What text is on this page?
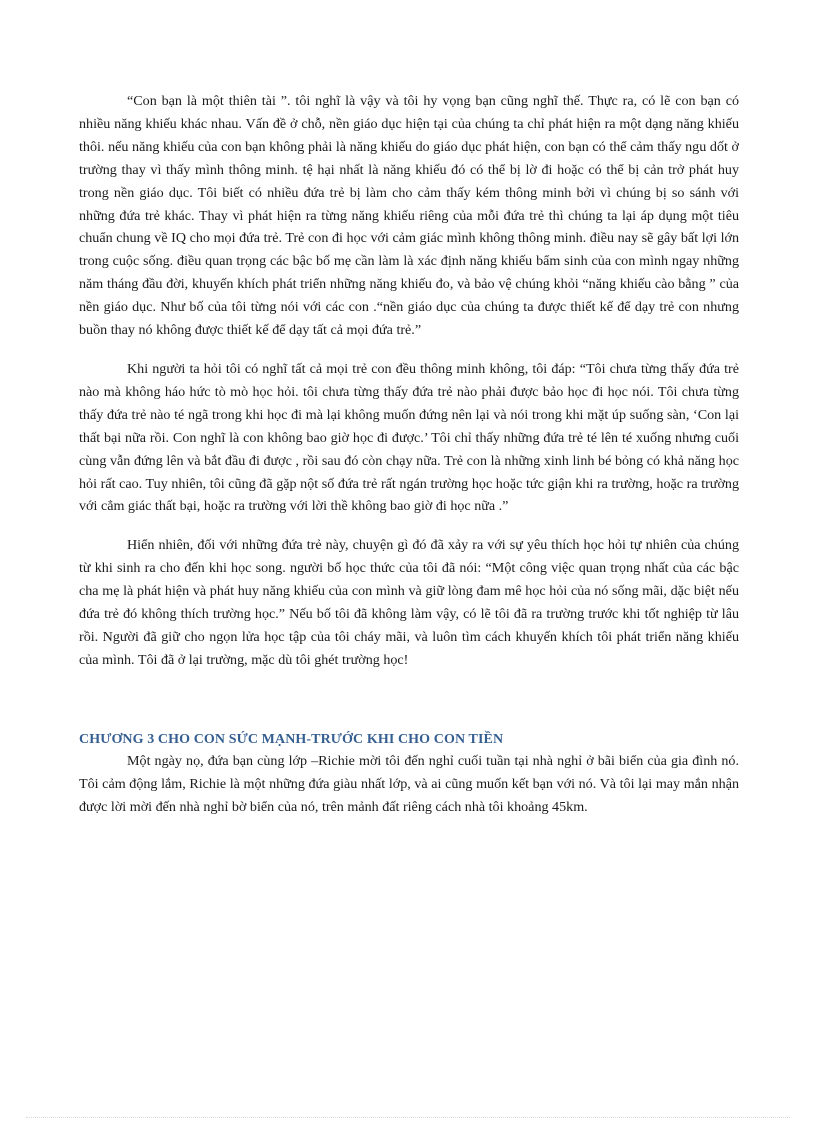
“Con bạn là một thiên tài ”. tôi nghĩ là vậy và tôi hy vọng bạn cũng nghĩ thế. Thực ra, có lẽ con bạn có nhiều năng khiếu khác nhau. Vấn đề ở chỗ, nền giáo dục hiện tại của chúng ta chỉ phát hiện ra một dạng năng khiếu thôi. nếu năng khiếu của con bạn không phải là năng khiếu do giáo dục phát hiện, con bạn có thể cảm thấy ngu dốt ở trường thay vì thấy mình thông minh. tệ hại nhất là năng khiếu đó có thể bị lờ đi hoặc có thể bị cản trở phát huy trong nền giáo dục. Tôi biết có nhiều đứa trẻ bị làm cho cảm thấy kém thông minh bởi vì chúng bị so sánh với những đứa trẻ khác. Thay vì phát hiện ra từng năng khiếu riêng của mỗi đứa trẻ thì chúng ta lại áp dụng một tiêu chuẩn chung về IQ cho mọi đứa trẻ. Trẻ con đi học với cảm giác mình không thông minh. điều nay sẽ gây bất lợi lớn trong cuộc sống. điều quan trọng các bậc bố mẹ cần làm là xác định năng khiếu bẩm sinh của con mình ngay những năm tháng đầu đời, khuyến khích phát triển những năng khiếu đo, và bảo vệ chúng khỏi “năng khiếu cào bằng ” của nền giáo dục. Như bố của tôi từng nói với các con .“nền giáo dục của chúng ta được thiết kế để dạy trẻ con nhưng buồn thay nó không được thiết kế để dạy tất cả mọi đứa trẻ.”

Khi người ta hỏi tôi có nghĩ tất cả mọi trẻ con đều thông minh không, tôi đáp: “Tôi chưa từng thấy đứa trẻ nào mà không háo hức tò mò học hỏi. tôi chưa từng thấy đứa trẻ nào phải được bảo học đi học nói. Tôi chưa từng thấy đứa trẻ nào té ngã trong khi học đi mà lại không muốn đứng nên lại và nói trong khi mặt úp suống sàn, ‘Con lại thất bại nữa rồi. Con nghĩ là con không bao giờ học đi được.’ Tôi chỉ thấy những đứa trẻ té lên té xuống nhưng cuối cùng vẫn đứng lên và bắt đầu đi được , rồi sau đó còn chạy nữa. Trẻ con là những xinh linh bé bỏng có khả năng học hỏi rất cao. Tuy nhiên, tôi cũng đã gặp nột số đứa trẻ rất ngán trường học hoặc tức giận khi ra trường, hoặc ra trường với cẳm giác thất bại, hoặc ra trường với lời thề không bao giờ đi học nữa .”

Hiển nhiên, đối với những đứa trẻ này, chuyện gì đó đã xảy ra với sự yêu thích học hỏi tự nhiên của chúng từ khi sinh ra cho đến khi học song. người bố học thức của tôi đã nói: “Một công việc quan trọng nhất của các bậc cha mẹ là phát hiện và phát huy năng khiếu của con mình và giữ lòng đam mê học hỏi của nó sống mãi, dặc biệt nếu đứa trẻ đó không thích trường học.” Nếu bố tôi đã không làm vậy, có lẽ tôi đã ra trường trước khi tốt nghiệp từ lâu rồi. Người đã giữ cho ngọn lửa học tập của tôi cháy mãi, và luôn tìm cách khuyến khích tôi phát triển năng khiếu của mình. Tôi đã ở lại trường, mặc dù tôi ghét trường học!

CHƯƠNG 3 CHO CON SỨC MẠNH-TRƯỚC KHI CHO CON TIỀN

Một ngày nọ, đứa bạn cùng lớp –Richie mời tôi đến nghỉ cuối tuần tại nhà nghỉ ở bãi biển của gia đình nó. Tôi cảm động lắm, Richie là một những đứa giàu nhất lớp, và ai cũng muốn kết bạn với nó. Và tôi lại may mắn nhận được lời mời đến nhà nghỉ bờ biển của nó, trên mảnh đất riêng cách nhà tôi khoảng 45km.
